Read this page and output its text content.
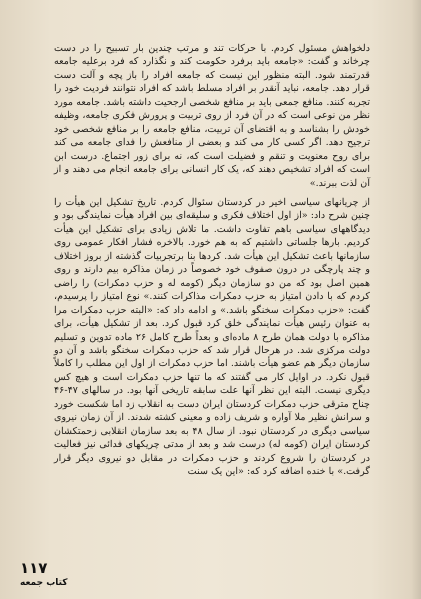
دلخواهش مسئول کردم. با حرکات تند و مرتب چندین بار تسبیح را در دست چرخاند و گفت: «جامعه باید برفرد حکومت کند و نگذارد که فرد برعلیه جامعه قدرتمند شود. البته منظور این نیست که جامعه افراد را باز پچه و آلت دست قرار دهد. جامعه، نباید آنقدر بر افراد مسلط باشد که افراد نتوانند فردیت خود را تجربه کنند. منافع جمعی باید بر منافع شخصی ارجحیت داشته باشد. جامعه مورد نظر من نوعی است که در آن فرد از روی تربیت و پرورش فکری جامعه، وظیفه خودش را بشناسد و به اقتضای آن تربیت، منافع جامعه را بر منافع شخصی خود ترجیح دهد. اگر کسی کار می کند و بعضی از منافعش را فدای جامعه می کند برای روح معنویت و تنقم و فضیلت است که، نه برای زور اجتماع. درست ابن است که افراد تشخیص دهند که، یک کار انسانی برای جامعه انجام می دهند و از آن لذت ببرند.»

از چریانهای سیاسی اخیر در کردستان سئوال کردم. تاریخ تشکیل این هیأت را چنین شرح داد: «از اول اختلاف فکری و سلیقه‌ای بین افراد هیأت نمایندگی بود و دیدگاههای سیاسی باهم تفاوت داشت. ما تلاش زیادی برای تشکیل این هیأت کردیم. بارها جلساتی داشتیم که به هم خورد. بالاخره فشار افکار عمومی روی سازمانها باعث تشکیل این هیأت شد. کردها بنا برتجربیات گذشته از بروز اختلاف و چند پارچگی در درون صفوف خود خصوصاً در زمان مذاکره بیم دارند و روی همین اصل بود که من دو سازمان دیگر (کومه له و حزب دمکرات) را راضی کردم که با دادن امتیاز به حزب دمکرات مذاکرات کنند.» نوع امتیاز را پرسیدم، گفت: «حزب دمکرات سخنگو باشد.» و ادامه داد که: «البته حزب دمکرات مرا به عنوان رئیس هیأت نمایندگی خلق کرد قبول کرد. بعد از تشکیل هیأت، برای مذاکره با دولت همان طرح ۸ ماده‌ای و بعداً طرح کامل ۲۶ ماده تدوین و تسلیم دولت مرکزی شد. در هرحال قرار شد که حزب دمکرات سخنگو باشد و آن دو سازمان دیگر هم عضو هیأت باشند. اما حزب دمکرات از اول این مطلب را کاملاً قبول نکرد. در اوایل کار می گفتند که ما تنها حزب دمکرات است و هیچ کس دیگری نیست. البته این نظر آنها علت سابقه تاریخی آنها بود. در سالهای ۴۷-۴۶ چناح مترقی حزب دمکرات کردستان ایران دست به انقلاب زد اما شکست خورد و سرانش نظیر ملا آواره و شریف زاده و معینی کشته شدند. از آن زمان نیروی سیاسی دیگری در کردستان نبود. از سال ۴۸ به بعد سازمان انقلابی زحمتکشان کردستان ایران (کومه له) درست شد و بعد از مدتی چریکهای فدائی نیز فعالیت در کردستان را شروع کردند و حزب دمکرات در مقابل دو نیروی دیگر قرار گرفت.» با خنده اضافه کرد که: «این یک سنت

۱۱۷
کتاب جمعه
